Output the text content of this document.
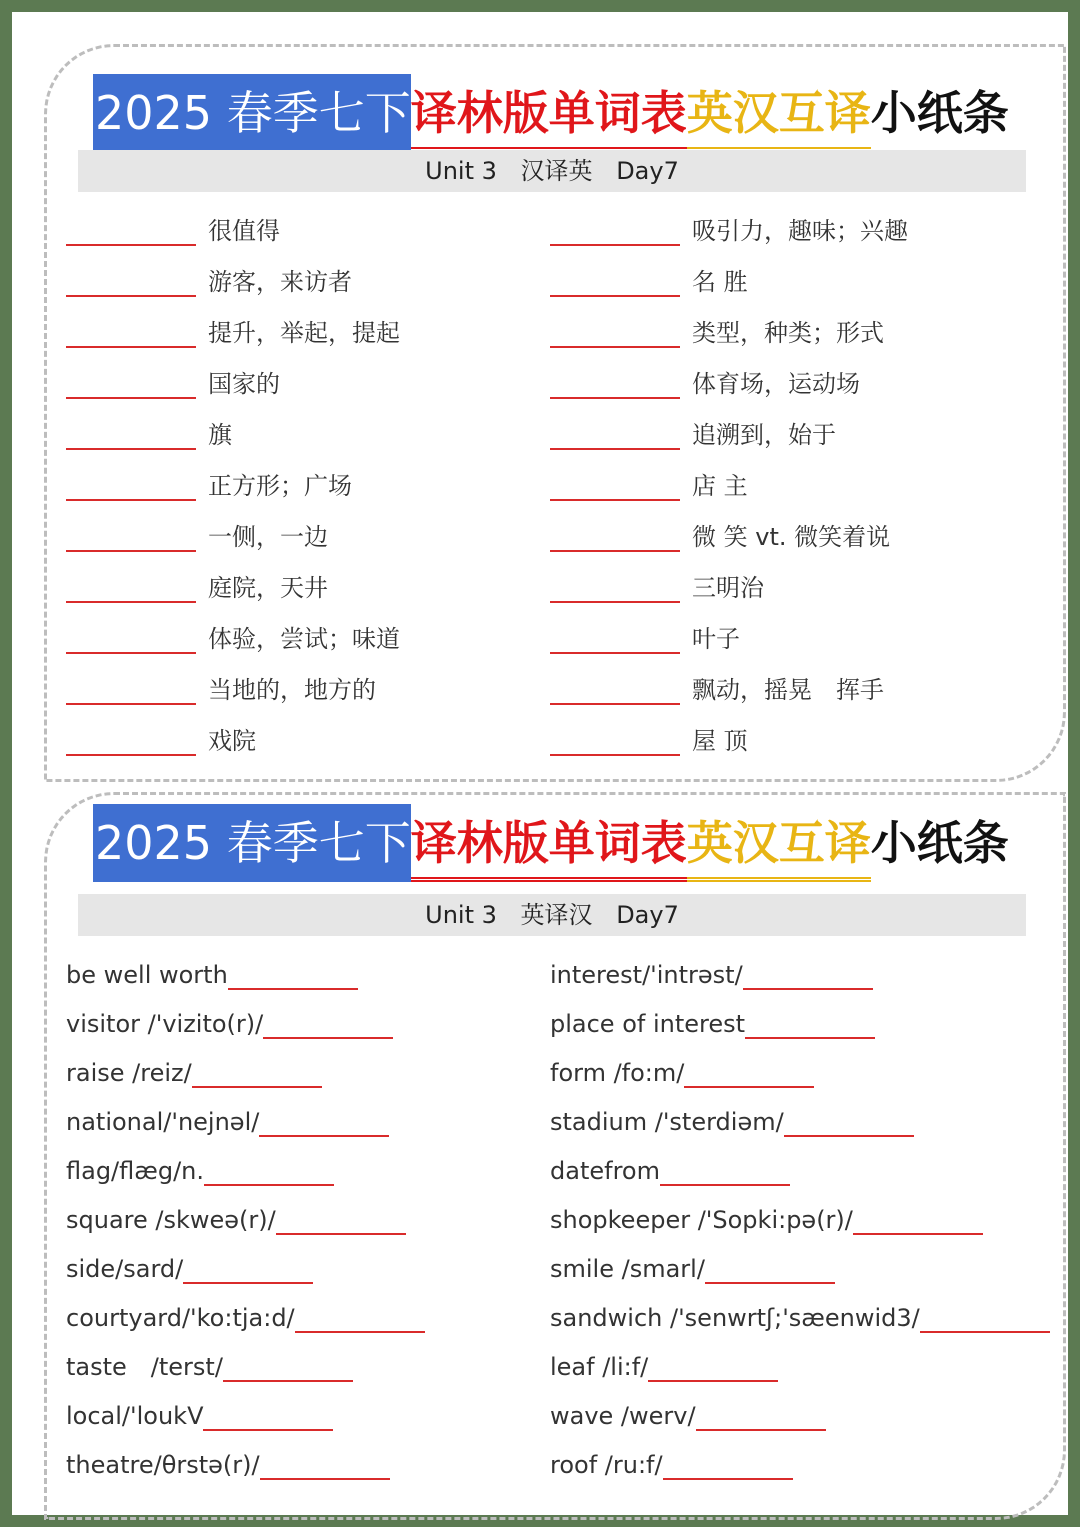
2025 春季七下 译林版单词表 英汉互译 小纸条
Unit 3 汉译英 Day7
很值得
游客，来访者
提升，举起，提起
国家的
旗
正方形；广场
一侧，一边
庭院，天井
体验，尝试；味道
当地的，地方的
戏院
吸引力，趣味；兴趣
名 胜
类型，种类；形式
体育场，运动场
追溯到，始于
店 主
微 笑 vt. 微笑着说
三明治
叶子
飘动，摇晃　挥手
屋 顶
2025 春季七下 译林版单词表 英汉互译 小纸条
Unit 3 英译汉 Day7
be well worth
visitor /'vizito(r)/
raise /reiz/
national/'nejnəl/
flag/flæg/n.
square /skweə(r)/
side/sard/
courtyard/'ko:tja:d/
taste　/terst/
local/'loukV
theatre/θrstə(r)/
interest/'intrəst/
place of interest
form /fo:m/
stadium /'sterdiəm/
datefrom
shopkeeper /'Sopki:pə(r)/
smile /smarl/
sandwich /'senwrtʃ;'sæenwid3/
leaf /li:f/
wave /werv/
roof /ru:f/
